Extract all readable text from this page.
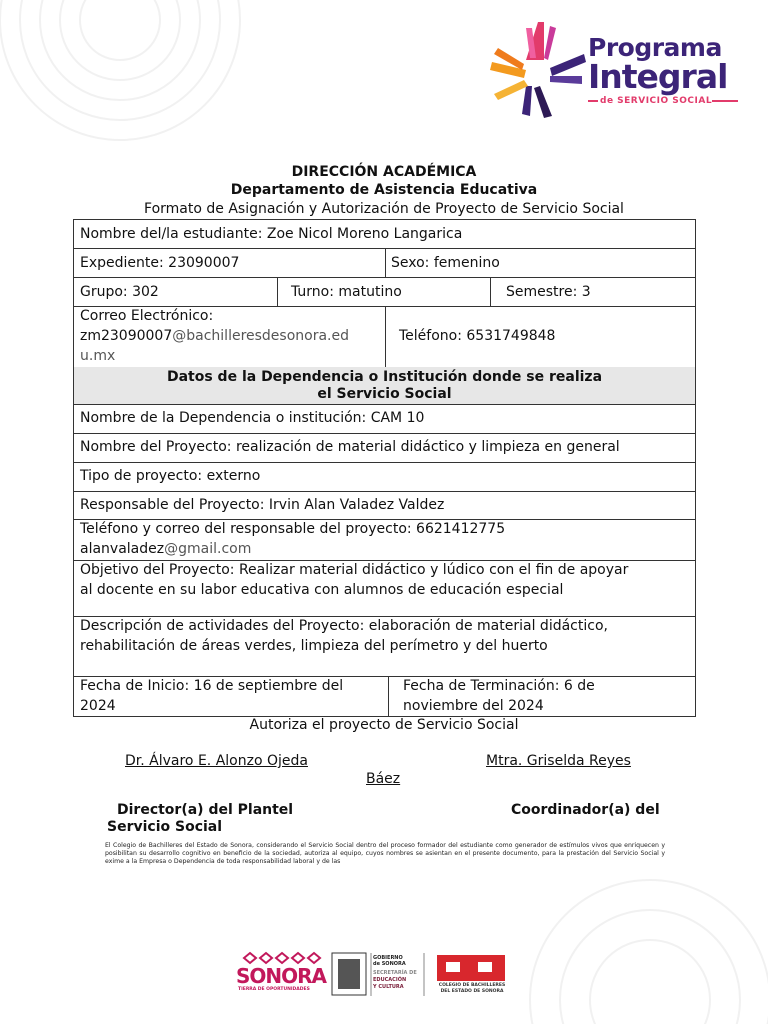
Programa
Integral
de SERVICIO SOCIAL
DIRECCIÓN ACADÉMICA
Departamento de Asistencia Educativa
Formato de Asignación y Autorización de Proyecto de Servicio Social
Datos de la Dependencia o Institución donde se realiza el Servicio Social
Nombre del/la estudiante: Zoe Nicol Moreno Langarica
Expediente: 23090007	Sexo: femenino
Grupo: 302	Turno: matutino	Semestre: 3
Correo Electrónico:
zm23090007@bachilleresdesonora.ed
u.mx
Teléfono: 6531749848
Nombre de la Dependencia o institución: CAM 10
Nombre del Proyecto: realización de material didáctico y limpieza en general
Tipo de proyecto: externo
Responsable del Proyecto: Irvin Alan Valadez Valdez
Teléfono y correo del responsable del proyecto: 6621412775
alanvaladez@gmail.com
Objetivo del Proyecto: Realizar material didáctico y lúdico con el fin de apoyar
al docente en su labor educativa con alumnos de educación especial
Descripción de actividades del Proyecto: elaboración de material didáctico,
rehabilitación de áreas verdes, limpieza del perímetro y del huerto
Fecha de Inicio: 16 de septiembre del
2024
Fecha de Terminación: 6 de
noviembre del 2024
Autoriza el proyecto de Servicio Social
Dr. Álvaro E. Alonzo Ojeda	Mtra. Griselda Reyes
Báez
Director(a) del Plantel	Coordinador(a) del
Servicio Social
El Colegio de Bachilleres del Estado de Sonora, considerando el Servicio Social dentro del proceso formador del estudiante como generador de estímulos vivos que enriquecen y posibilitan su desarrollo cognitivo en beneficio de la sociedad, autoriza al equipo, cuyos nombres se asientan en el presente documento, para la prestación del Servicio Social y exime a la Empresa o Dependencia de toda responsabilidad laboral y de las
SONORA
TIERRA DE OPORTUNIDADES
GOBIERNO
de SONORA
SECRETARÍA DE
EDUCACIÓN
Y CULTURA	COLEGIO DE BACHILLERES
DEL ESTADO DE SONORA
